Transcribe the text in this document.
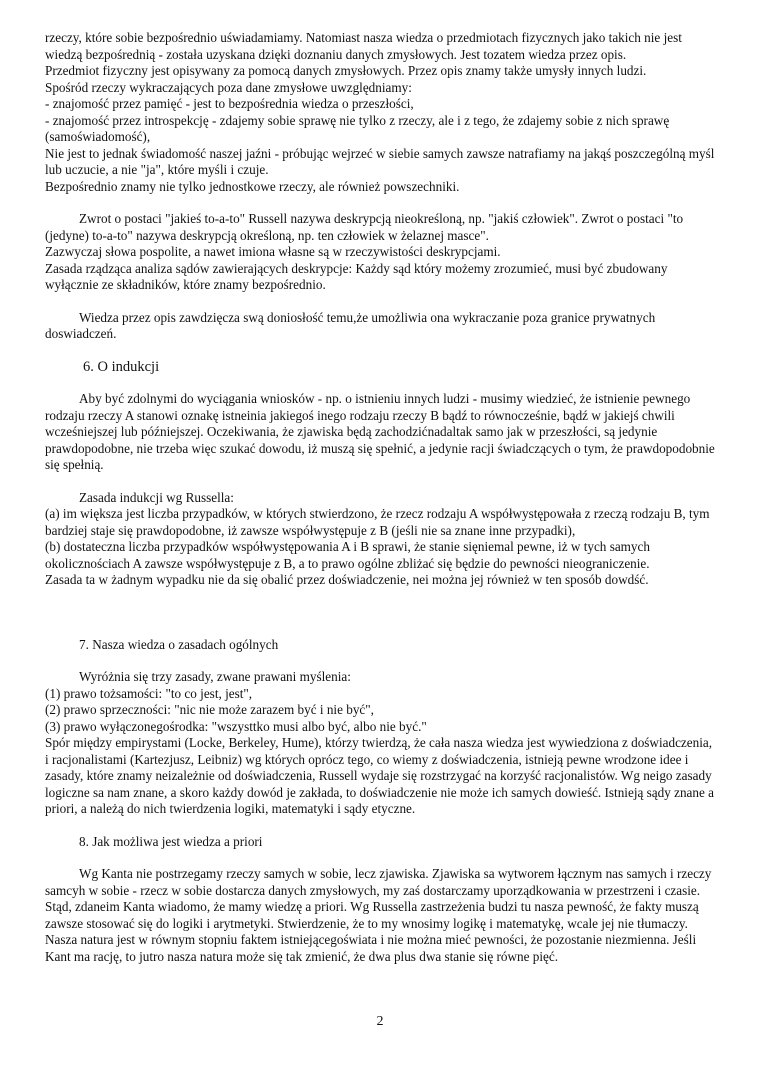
rzeczy, które sobie bezpośrednio uświadamiamy. Natomiast nasza wiedza o przedmiotach fizycznych jako takich nie jest wiedzą bezpośrednią - została uzyskana dzięki doznaniu danych zmysłowych. Jest tozatem wiedza przez opis.

Przedmiot fizyczny jest opisywany za pomocą danych zmysłowych. Przez opis znamy także umysły innych ludzi.

Spośród rzeczy wykraczających poza dane zmysłowe uwzględniamy:

- znajomość przez pamięć - jest to bezpośrednia wiedza o przeszłości,

- znajomość przez introspekcję - zdajemy sobie sprawę nie tylko z rzeczy, ale i z tego, że zdajemy sobie z nich sprawę (samoświadomość),

Nie jest to jednak świadomość naszej jaźni - próbując wejrzeć w siebie samych zawsze natrafiamy na jakąś poszczególną myśl lub uczucie, a nie "ja", które myśli i czuje.

Bezpośrednio znamy nie tylko jednostkowe rzeczy, ale również powszechniki.

Zwrot o postaci "jakieś to-a-to" Russell nazywa deskrypcją nieokreśloną, np. "jakiś człowiek". Zwrot o postaci "to (jedyne) to-a-to" nazywa deskrypcją określoną, np. ten człowiek w żelaznej masce".

Zazwyczaj słowa pospolite, a nawet imiona własne są w rzeczywistości deskrypcjami.

Zasada rządząca analiza sądów zawierających deskrypcje: Każdy sąd który możemy zrozumieć, musi być zbudowany wyłącznie ze składników, które znamy bezpośrednio.

Wiedza przez opis zawdzięcza swą doniosłość temu,że umożliwia ona wykraczanie poza granice prywatnych doswiadczeń.

6. O indukcji

Aby być zdolnymi do wyciągania wniosków - np. o istnieniu innych ludzi - musimy wiedzieć, że istnienie pewnego rodzaju rzeczy A stanowi oznakę istneinia jakiegoś inego rodzaju rzeczy B bądź to równocześnie, bądź w jakiejś chwili wcześniejszej lub późniejszej. Oczekiwania, że zjawiska będą zachodzićnadaltak samo jak w przeszłości, są jedynie prawdopodobne, nie trzeba więc szukać dowodu, iż muszą się spełnić, a jedynie racji świadczących o tym, że prawdopodobnie się spełnią.

Zasada indukcji wg Russella:

(a) im większa jest liczba przypadków, w których stwierdzono, że rzecz rodzaju A współwystępowała z rzeczą rodzaju B, tym bardziej staje się prawdopodobne, iż zawsze współwystępuje z B (jeśli nie sa znane inne przypadki),

(b) dostateczna liczba przypadków współwystępowania A i B sprawi, że stanie sięniemal pewne, iż w tych samych okolicznościach A zawsze współwystępuje z B, a to prawo ogólne zbliżać się będzie do pewności nieograniczenie.

Zasada ta w żadnym wypadku nie da się obalić przez doświadczenie, nei można jej również w ten sposób dowdść.

7. Nasza wiedza o zasadach ogólnych

Wyróżnia się trzy zasady, zwane prawani myślenia:

(1) prawo tożsamości: "to co jest, jest",

(2) prawo sprzeczności: "nic nie może zarazem być i nie być",

(3) prawo wyłączonegośrodka: "wszysttko musi albo być, albo nie być."

Spór między empirystami (Locke, Berkeley, Hume), którzy twierdzą, że cała nasza wiedza jest wywiedziona z doświadczenia, i racjonalistami (Kartezjusz, Leibniz) wg których oprócz tego, co wiemy z doświadczenia, istnieją pewne wrodzone idee i zasady, które znamy neizależnie od doświadczenia, Russell wydaje się rozstrzygać na korzyść racjonalistów. Wg neigo zasady logiczne sa nam znane, a skoro każdy dowód je zakłada, to doświadczenie nie może ich samych dowieść. Istnieją sądy znane a priori, a należą do nich twierdzenia logiki, matematyki i sądy etyczne.

8. Jak możliwa jest wiedza a priori

Wg Kanta nie postrzegamy rzeczy samych w sobie, lecz zjawiska. Zjawiska sa wytworem łącznym nas samych i rzeczy samcyh w sobie - rzecz w sobie dostarcza danych zmysłowych, my zaś dostarczamy uporządkowania w przestrzeni i czasie. Stąd, zdaneim Kanta wiadomo, że mamy wiedzę a priori. Wg Russella zastrzeżenia budzi tu nasza pewność, że fakty muszą zawsze stosować się do logiki i arytmetyki. Stwierdzenie, że to my wnosimy logikę i matematykę, wcale jej nie tłumaczy. Nasza natura jest w równym stopniu faktem istniejącegoświata i nie można mieć pewności, że pozostanie niezmienna. Jeśli Kant ma rację, to jutro nasza natura może się tak zmienić, że dwa plus dwa stanie się równe pięć.

2
